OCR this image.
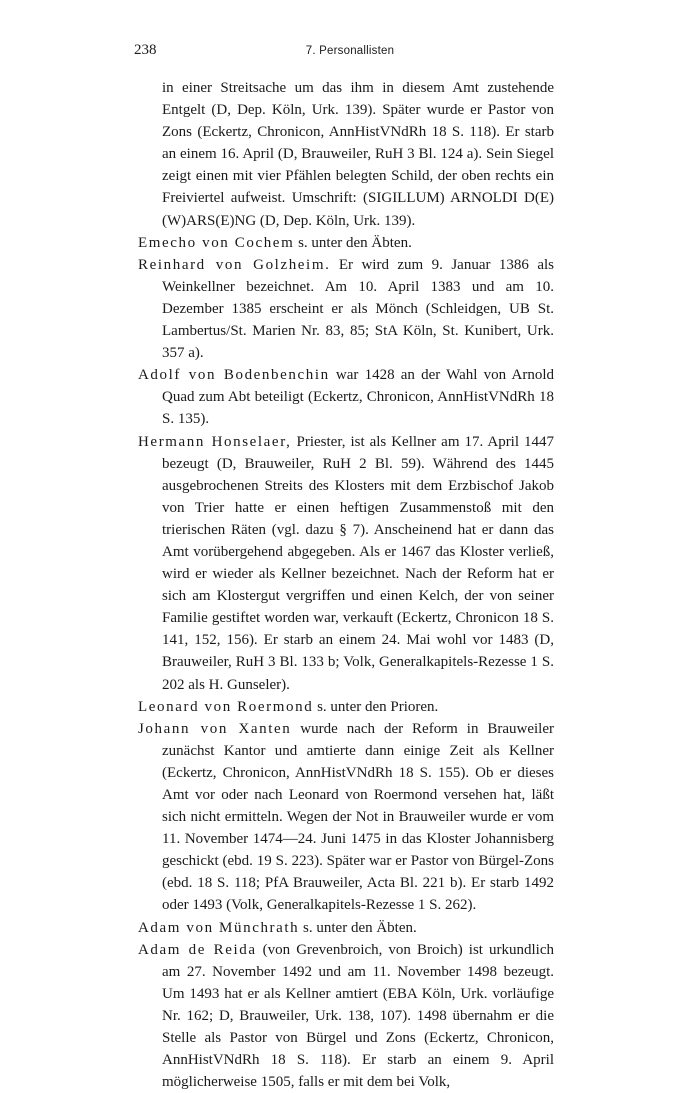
238	7. Personallisten

in einer Streitsache um das ihm in diesem Amt zustehende Entgelt (D, Dep. Köln, Urk. 139). Später wurde er Pastor von Zons (Eckertz, Chronicon, AnnHistVNdRh 18 S. 118). Er starb an einem 16. April (D, Brauweiler, RuH 3 Bl. 124 a). Sein Siegel zeigt einen mit vier Pfählen belegten Schild, der oben rechts ein Freiviertel aufweist. Umschrift: (SIGILLUM) ARNOLDI D(E) (W)ARS(E)NG (D, Dep. Köln, Urk. 139).

Emecho von Cochem s. unter den Äbten.

Reinhard von Golzheim. Er wird zum 9. Januar 1386 als Weinkellner bezeichnet. Am 10. April 1383 und am 10. Dezember 1385 erscheint er als Mönch (Schleidgen, UB St. Lambertus/St. Marien Nr. 83, 85; StA Köln, St. Kunibert, Urk. 357 a).

Adolf von Bodenbenchin war 1428 an der Wahl von Arnold Quad zum Abt beteiligt (Eckertz, Chronicon, AnnHistVNdRh 18 S. 135).

Hermann Honselaer, Priester, ist als Kellner am 17. April 1447 bezeugt (D, Brauweiler, RuH 2 Bl. 59). Während des 1445 ausgebrochenen Streits des Klosters mit dem Erzbischof Jakob von Trier hatte er einen heftigen Zusammenstoß mit den trierischen Räten (vgl. dazu § 7). Anscheinend hat er dann das Amt vorübergehend abgegeben. Als er 1467 das Kloster verließ, wird er wieder als Kellner bezeichnet. Nach der Reform hat er sich am Klostergut vergriffen und einen Kelch, der von seiner Familie gestiftet worden war, verkauft (Eckertz, Chronicon 18 S. 141, 152, 156). Er starb an einem 24. Mai wohl vor 1483 (D, Brauweiler, RuH 3 Bl. 133 b; Volk, Generalkapitels-Rezesse 1 S. 202 als H. Gunseler).

Leonard von Roermond s. unter den Prioren.

Johann von Xanten wurde nach der Reform in Brauweiler zunächst Kantor und amtierte dann einige Zeit als Kellner (Eckertz, Chronicon, AnnHistVNdRh 18 S. 155). Ob er dieses Amt vor oder nach Leonard von Roermond versehen hat, läßt sich nicht ermitteln. Wegen der Not in Brauweiler wurde er vom 11. November 1474—24. Juni 1475 in das Kloster Johannisberg geschickt (ebd. 19 S. 223). Später war er Pastor von Bürgel-Zons (ebd. 18 S. 118; PfA Brauweiler, Acta Bl. 221 b). Er starb 1492 oder 1493 (Volk, Generalkapitels-Rezesse 1 S. 262).

Adam von Münchrath s. unter den Äbten.

Adam de Reida (von Grevenbroich, von Broich) ist urkundlich am 27. November 1492 und am 11. November 1498 bezeugt. Um 1493 hat er als Kellner amtiert (EBA Köln, Urk. vorläufige Nr. 162; D, Brauweiler, Urk. 138, 107). 1498 übernahm er die Stelle als Pastor von Bürgel und Zons (Eckertz, Chronicon, AnnHistVNdRh 18 S. 118). Er starb an einem 9. April möglicherweise 1505, falls er mit dem bei Volk,
